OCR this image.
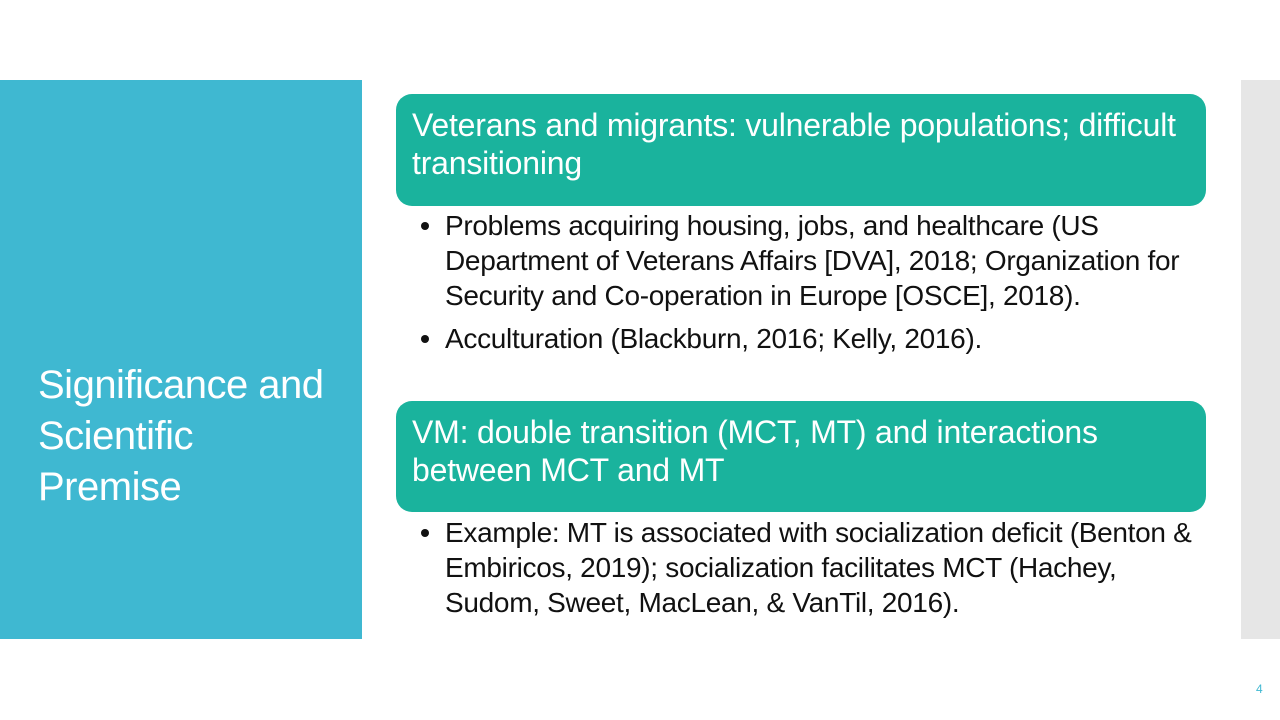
Significance and Scientific Premise
Veterans and migrants: vulnerable populations; difficult transitioning
Problems acquiring housing, jobs, and healthcare (US Department of Veterans Affairs [DVA], 2018; Organization for Security and Co-operation in Europe [OSCE], 2018).
Acculturation (Blackburn, 2016; Kelly, 2016).
VM: double transition (MCT, MT) and interactions between MCT and MT
Example: MT is associated with socialization deficit (Benton & Embiricos, 2019); socialization facilitates MCT (Hachey, Sudom, Sweet, MacLean, & VanTil, 2016).
4
